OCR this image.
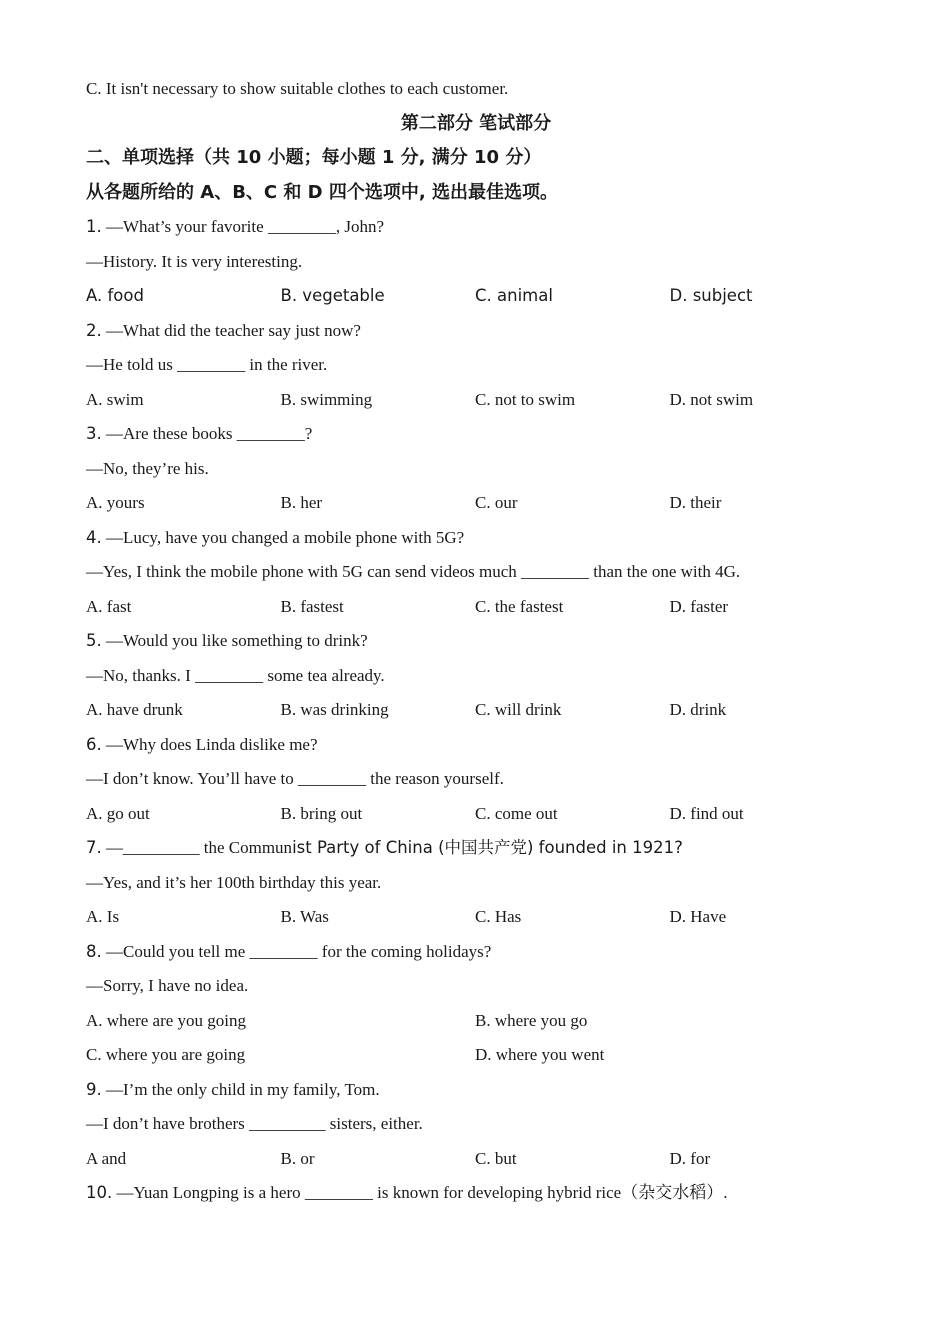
C. It isn't necessary to show suitable clothes to each customer.
第二部分 笔试部分
二、单项选择（共 10 小题；每小题 1 分, 满分 10 分）
从各题所给的 A、B、C 和 D 四个选项中, 选出最佳选项。
1. —What’s your favorite ________, John?
—History. It is very interesting.
A. food	B. vegetable	C. animal	D. subject
2. —What did the teacher say just now?
—He told us ________ in the river.
A. swim	B. swimming	C. not to swim	D. not swim
3. —Are these books ________?
—No, they’re his.
A. yours	B. her	C. our	D. their
4. —Lucy, have you changed a mobile phone with 5G?
—Yes, I think the mobile phone with 5G can send videos much ________ than the one with 4G.
A. fast	B. fastest	C. the fastest	D. faster
5. —Would you like something to drink?
—No, thanks. I ________ some tea already.
A. have drunk	B. was drinking	C. will drink	D. drink
6. —Why does Linda dislike me?
—I don’t know. You’ll have to ________ the reason yourself.
A. go out	B. bring out	C. come out	D. find out
7. —_________ the Communist Party of China (中国共产党) founded in 1921?
—Yes, and it’s her 100th birthday this year.
A. Is	B. Was	C. Has	D. Have
8. —Could you tell me ________ for the coming holidays?
—Sorry, I have no idea.
A. where are you going	B. where you go
C. where you are going	D. where you went
9. —I’m the only child in my family, Tom.
—I don’t have brothers _________ sisters, either.
A and	B. or	C. but	D. for
10. —Yuan Longping is a hero ________ is known for developing hybrid rice（杂交水稻）.
